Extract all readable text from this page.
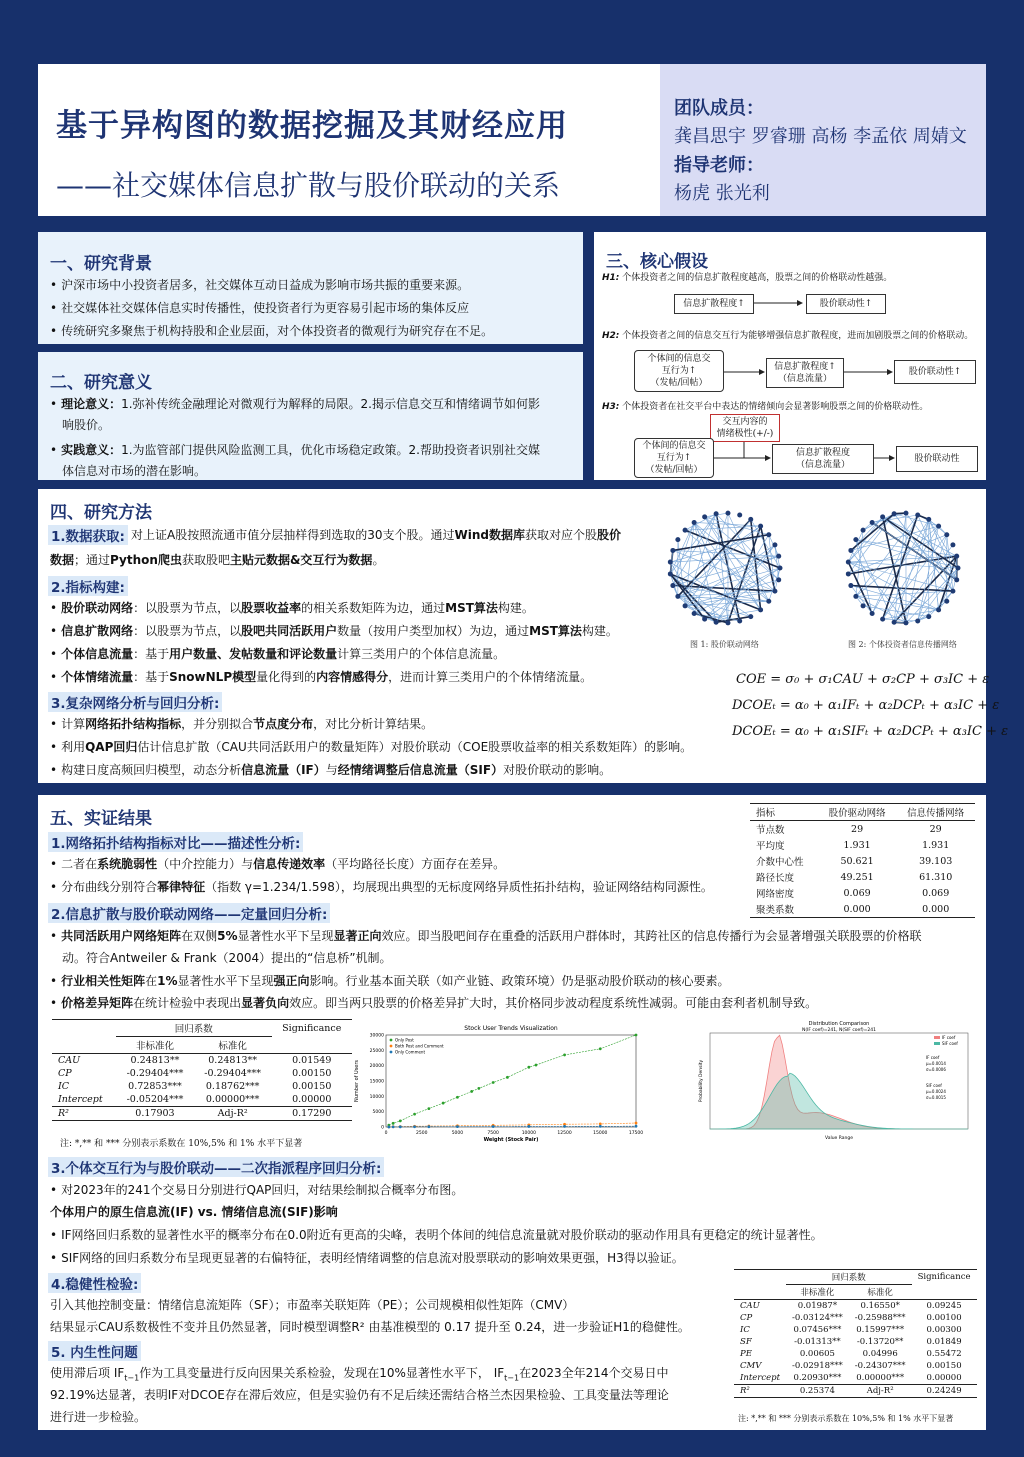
基于异构图的数据挖掘及其财经应用
——社交媒体信息扩散与股价联动的关系
团队成员：
龚昌思宇 罗睿珊 高杨 李孟依 周婧文
指导老师：
杨虎 张光利
一、研究背景
• 沪深市场中小投资者居多，社交媒体互动日益成为影响市场共振的重要来源。
• 社交媒体社交媒体信息实时传播性，使投资者行为更容易引起市场的集体反应
• 传统研究多聚焦于机构持股和企业层面，对个体投资者的微观行为研究存在不足。
二、研究意义
• 理论意义：1.弥补传统金融理论对微观行为解释的局限。2.揭示信息交互和情绪调节如何影
响股价。
• 实践意义：1.为监管部门提供风险监测工具，优化市场稳定政策。2.帮助投资者识别社交媒
体信息对市场的潜在影响。
三、核心假设
H1: 个体投资者之间的信息扩散程度越高，股票之间的价格联动性越强。
信息扩散程度↑	股价联动性↑
H2: 个体投资者之间的信息交互行为能够增强信息扩散程度，进而加剧股票之间的价格联动。
个体间的信息交
互行为↑
（发帖/回帖）
信息扩散程度↑
（信息流量）
股价联动性↑
H3: 个体投资者在社交平台中表达的情绪倾向会显著影响股票之间的价格联动性。
交互内容的
情绪极性(+/-)
个体间的信息交
互行为↑
（发帖/回帖）
信息扩散程度
（信息流量）
股价联动性
四、研究方法
1.数据获取: 对上证A股按照流通市值分层抽样得到选取的30支个股。通过Wind数据库获取对应个股股价
数据；通过Python爬虫获取股吧主贴元数据&交互行为数据。
2.指标构建:
• 股价联动网络：以股票为节点，以股票收益率的相关系数矩阵为边，通过MST算法构建。
• 信息扩散网络：以股票为节点，以股吧共同活跃用户数量（按用户类型加权）为边，通过MST算法构建。
• 个体信息流量：基于用户数量、发帖数量和评论数量计算三类用户的个体信息流量。
• 个体情绪流量：基于SnowNLP模型量化得到的内容情感得分，进而计算三类用户的个体情绪流量。
3.复杂网络分析与回归分析:
• 计算网络拓扑结构指标，并分别拟合节点度分布，对比分析计算结果。
• 利用QAP回归估计信息扩散（CAU共同活跃用户的数量矩阵）对股价联动（COE股票收益率的相关系数矩阵）的影响。
• 构建日度高频回归模型，动态分析信息流量（IF）与经情绪调整后信息流量（SIF）对股价联动的影响。
图 1: 股价联动网络	图 2: 个体投资者信息传播网络
COE = σ₀ + σ₁CAU + σ₂CP + σ₃IC + ε
DCOEₜ = α₀ + α₁IFₜ + α₂DCPₜ + α₃IC + ε
DCOEₜ = α₀ + α₁SIFₜ + α₂DCPₜ + α₃IC + ε
五、实证结果
1.网络拓扑结构指标对比——描述性分析:
• 二者在系统脆弱性（中介控能力）与信息传递效率（平均路径长度）方面存在差异。
• 分布曲线分别符合幂律特征（指数 γ=1.234/1.598），均展现出典型的无标度网络异质性拓扑结构，验证网络结构同源性。
指标	股价驱动网络	信息传播网络
节点数	29	29
平均度	1.931	1.931
介数中心性	50.621	39.103
路径长度	49.251	61.310
网络密度	0.069	0.069
聚类系数	0.000	0.000
2.信息扩散与股价联动网络——定量回归分析:
• 共同活跃用户网络矩阵在双侧5%显著性水平下呈现显著正向效应。即当股吧间存在重叠的活跃用户群体时，其跨社区的信息传播行为会显著增强关联股票的价格联
动。符合Antweiler & Frank（2004）提出的“信息桥”机制。
• 行业相关性矩阵在1%显著性水平下呈现强正向影响。行业基本面关联（如产业链、政策环境）仍是驱动股价联动的核心要素。
• 价格差异矩阵在统计检验中表现出显著负向效应。即当两只股票的价格差异扩大时，其价格同步波动程度系统性减弱。可能由套利者机制导致。
	回归系数		Significance
	非标准化	标准化	
CAU	0.24813**	0.24813**	0.01549
CP	-0.29404***	-0.29404***	0.00150
IC	0.72853***	0.18762***	0.00150
Intercept	-0.05204***	0.00000***	0.00000
R²	0.17903	Adj-R²	0.17290
注: *,** 和 *** 分别表示系数在 10%,5% 和 1% 水平下显著
Stock User Trends Visualization
0	2500	5000	7500	10000	12500	15000	17500
0
5000
10000
15000
20000
25000
30000
Weight (Stock Pair)
Number of Users
Only Post
Both Post and Comment
Only Comment
Distribution Comparison
N(IF coef)=241, N(SIF coef)=241
Value Range
Probability Density
IF coef
SIF coef
IF coef
μ=0.0014
σ=0.0006
SIF coef
μ=0.0024
σ=0.0015
3.个体交互行为与股价联动——二次指派程序回归分析:
• 对2023年的241个交易日分别进行QAP回归，对结果绘制拟合概率分布图。
个体用户的原生信息流(IF) vs. 情绪信息流(SIF)影响
• IF网络回归系数的显著性水平的概率分布在0.0附近有更高的尖峰，表明个体间的纯信息流量就对股价联动的驱动作用具有更稳定的统计显著性。
• SIF网络的回归系数分布呈现更显著的右偏特征，表明经情绪调整的信息流对股票联动的影响效果更强，H3得以验证。
4.稳健性检验:
引入其他控制变量：情绪信息流矩阵（SF）；市盈率关联矩阵（PE）；公司规模相似性矩阵（CMV）
结果显示CAU系数极性不变并且仍然显著，同时模型调整R² 由基准模型的 0.17 提升至 0.24，进一步验证H1的稳健性。
5. 内生性问题
使用滞后项 $IF_{t-1}$作为工具变量进行反向因果关系检验，发现在10%显著性水平下， $IF_{t-1}$在2023全年214个交易日中
92.19%达显著，表明IF对DCOE存在滞后效应，但是实验仍有不足后续还需结合格兰杰因果检验、工具变量法等理论
进行进一步检验。
	回归系数		Significance
	非标准化	标准化	
CAU	0.01987*	0.16550*	0.09245
CP	-0.03124***	-0.25988***	0.00100
IC	0.07456***	0.15997***	0.00300
SF	-0.01313**	-0.13720**	0.01849
PE	0.00605	0.04996	0.55472
CMV	-0.02918***	-0.24307***	0.00150
Intercept	0.20930***	0.00000***	0.00000
R²	0.25374	Adj-R²	0.24249
注: *,** 和 *** 分别表示系数在 10%,5% 和 1% 水平下显著
